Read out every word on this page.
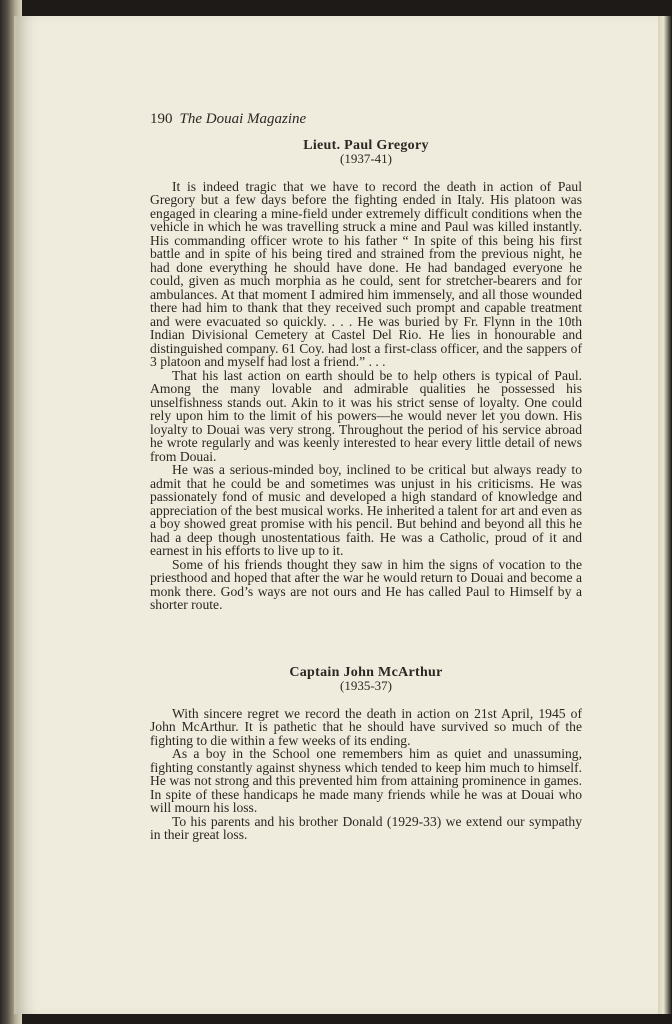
190 The Douai Magazine
Lieut. Paul Gregory
(1937-41)

It is indeed tragic that we have to record the death in action of Paul Gregory but a few days before the fighting ended in Italy. His platoon was engaged in clearing a mine-field under extremely difficult conditions when the vehicle in which he was travelling struck a mine and Paul was killed instantly. His commanding officer wrote to his father “ In spite of this being his first battle and in spite of his being tired and strained from the previous night, he had done everything he should have done. He had bandaged everyone he could, given as much morphia as he could, sent for stretcher-bearers and for ambulances. At that moment I admired him immensely, and all those wounded there had him to thank that they received such prompt and capable treatment and were evacuated so quickly. . . . He was buried by Fr. Flynn in the 10th Indian Divisional Cemetery at Castel Del Rio. He lies in honourable and distinguished company. 61 Coy. had lost a first-class officer, and the sappers of 3 platoon and myself had lost a friend.” . . .

That his last action on earth should be to help others is typical of Paul. Among the many lovable and admirable qualities he possessed his unselfishness stands out. Akin to it was his strict sense of loyalty. One could rely upon him to the limit of his powers—he would never let you down. His loyalty to Douai was very strong. Throughout the period of his service abroad he wrote regularly and was keenly interested to hear every little detail of news from Douai.

He was a serious-minded boy, inclined to be critical but always ready to admit that he could be and sometimes was unjust in his criticisms. He was passionately fond of music and developed a high standard of knowledge and appreciation of the best musical works. He inherited a talent for art and even as a boy showed great promise with his pencil. But behind and beyond all this he had a deep though unostentatious faith. He was a Catholic, proud of it and earnest in his efforts to live up to it.

Some of his friends thought they saw in him the signs of vocation to the priesthood and hoped that after the war he would return to Douai and become a monk there. God’s ways are not ours and He has called Paul to Himself by a shorter route.

Captain John McArthur
(1935-37)

With sincere regret we record the death in action on 21st April, 1945 of John McArthur. It is pathetic that he should have survived so much of the fighting to die within a few weeks of its ending.

As a boy in the School one remembers him as quiet and unassuming, fighting constantly against shyness which tended to keep him much to himself. He was not strong and this prevented him from attaining prominence in games. In spite of these handicaps he made many friends while he was at Douai who will mourn his loss.

To his parents and his brother Donald (1929-33) we extend our sympathy in their great loss.
